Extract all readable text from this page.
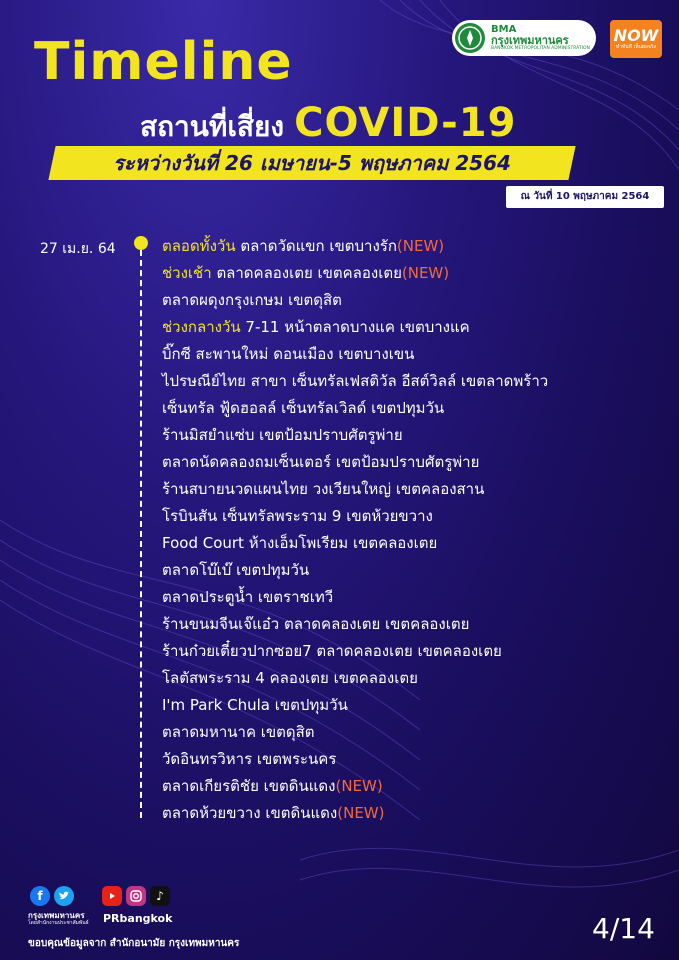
BMA
กรุงเทพมหานคร
BANGKOK METROPOLITAN ADMINISTRATION
NOW
ทำทันที เห็นผลจริง
Timeline
สถานที่เสี่ยง COVID-19
ระหว่างวันที่ 26 เมษายน-5 พฤษภาคม 2564
ณ วันที่ 10 พฤษภาคม 2564
27 เม.ย. 64	ตลอดทั้งวัน ตลาดวัดแขก เขตบางรัก(NEW)
ช่วงเช้า ตลาดคลองเตย เขตคลองเตย(NEW)
ตลาดผดุงกรุงเกษม เขตดุสิต
ช่วงกลางวัน 7-11 หน้าตลาดบางแค เขตบางแค
บิ๊กซี สะพานใหม่ ดอนเมือง เขตบางเขน
ไปรษณีย์ไทย สาขา เซ็นทรัลเฟสติวัล อีสต์วิลล์ เขตลาดพร้าว
เซ็นทรัล ฟู้ดฮอลล์ เซ็นทรัลเวิลด์ เขตปทุมวัน
ร้านมิสยำแซ่บ เขตป้อมปราบศัตรูพ่าย
ตลาดนัดคลองถมเซ็นเตอร์ เขตป้อมปราบศัตรูพ่าย
ร้านสบายนวดแผนไทย วงเวียนใหญ่ เขตคลองสาน
โรบินสัน เซ็นทรัลพระราม 9 เขตห้วยขวาง
Food Court ห้างเอ็มโพเรียม เขตคลองเตย
ตลาดโบ๊เบ๊ เขตปทุมวัน
ตลาดประตูน้ำ เขตราชเทวี
ร้านขนมจีนเจ๊แอ๋ว ตลาดคลองเตย เขตคลองเตย
ร้านก๋วยเตี๋ยวปากซอย7 ตลาดคลองเตย เขตคลองเตย
โลตัสพระราม 4 คลองเตย เขตคลองเตย
I'm Park Chula เขตปทุมวัน
ตลาดมหานาค เขตดุสิต
วัดอินทรวิหาร เขตพระนคร
ตลาดเกียรติชัย เขตดินแดง(NEW)
ตลาดห้วยขวาง เขตดินแดง(NEW)
f
กรุงเทพมหานคร
โดยสำนักงานประชาสัมพันธ์
♪
PRbangkok
ขอบคุณข้อมูลจาก สำนักอนามัย กรุงเทพมหานคร	4/14
